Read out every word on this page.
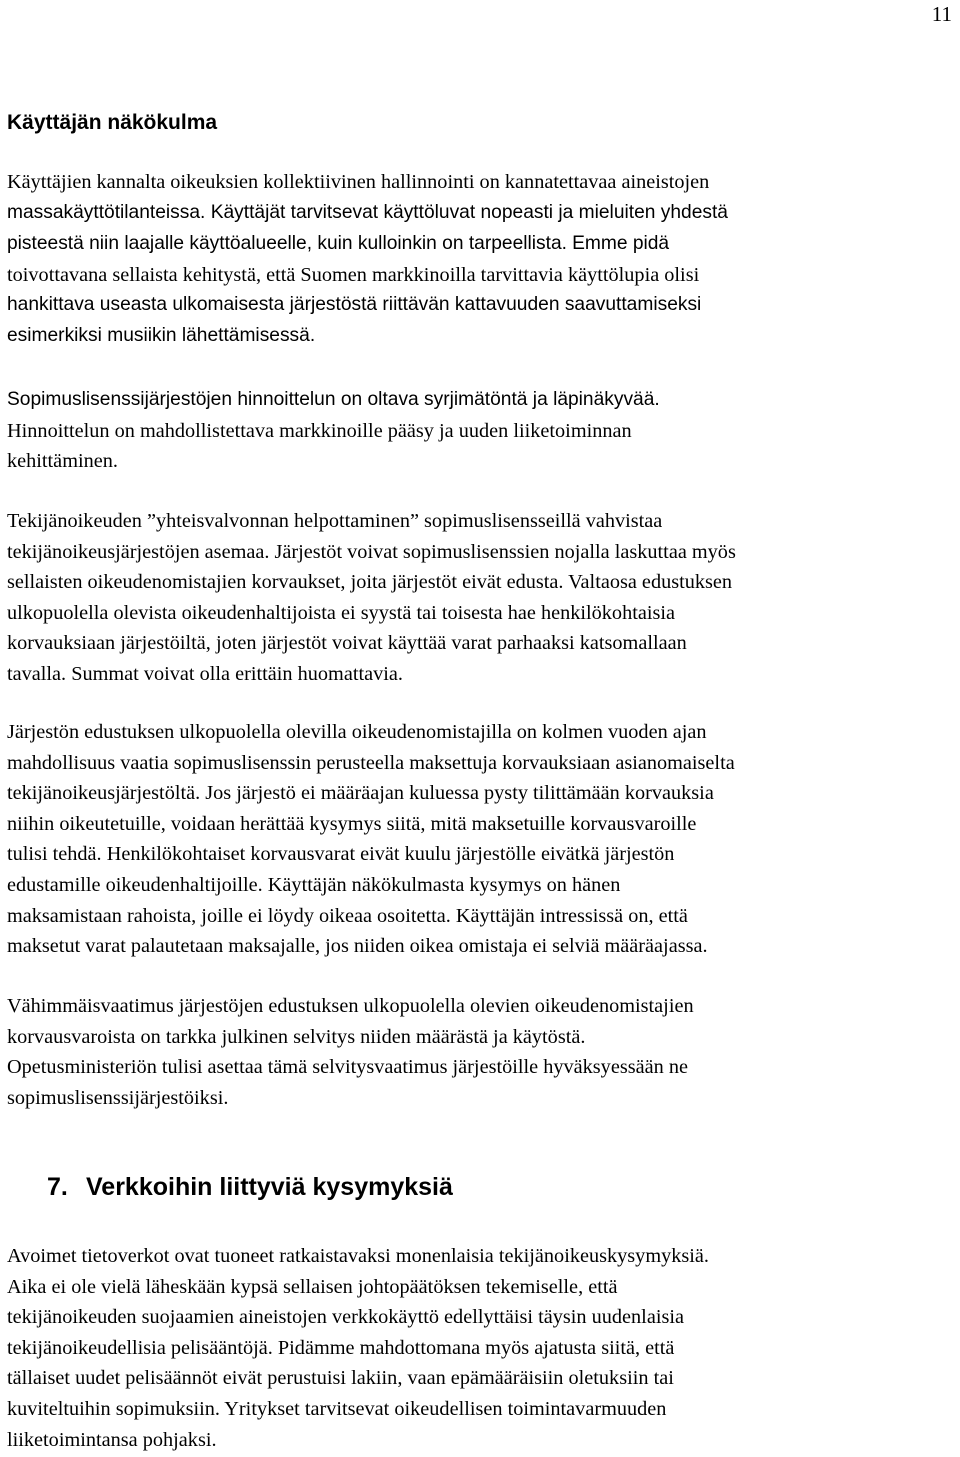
11
Käyttäjän näkökulma

Käyttäjien kannalta oikeuksien kollektiivinen hallinnointi on kannatettavaa aineistojen
massakäyttötilanteissa. Käyttäjät tarvitsevat käyttöluvat nopeasti ja mieluiten yhdestä
pisteestä niin laajalle käyttöalueelle, kuin kulloinkin on tarpeellista. Emme pidä
toivottavana sellaista kehitystä, että Suomen markkinoilla tarvittavia käyttölupia olisi
hankittava useasta ulkomaisesta järjestöstä riittävän kattavuuden saavuttamiseksi
esimerkiksi musiikin lähettämisessä.

Sopimuslisenssijärjestöjen hinnoittelun on oltava syrjimätöntä ja läpinäkyvää.
Hinnoittelun on mahdollistettava markkinoille pääsy ja uuden liiketoiminnan
kehittäminen.

Tekijänoikeuden ”yhteisvalvonnan helpottaminen” sopimuslisensseillä vahvistaa
tekijänoikeusjärjestöjen asemaa. Järjestöt voivat sopimuslisenssien nojalla laskuttaa myös
sellaisten oikeudenomistajien korvaukset, joita järjestöt eivät edusta. Valtaosa edustuksen
ulkopuolella olevista oikeudenhaltijoista ei syystä tai toisesta hae henkilökohtaisia
korvauksiaan järjestöiltä, joten järjestöt voivat käyttää varat parhaaksi katsomallaan
tavalla. Summat voivat olla erittäin huomattavia.

Järjestön edustuksen ulkopuolella olevilla oikeudenomistajilla on kolmen vuoden ajan
mahdollisuus vaatia sopimuslisenssin perusteella maksettuja korvauksiaan asianomaiselta
tekijänoikeusjärjestöltä. Jos järjestö ei määräajan kuluessa pysty tilittämään korvauksia
niihin oikeutetuille, voidaan herättää kysymys siitä, mitä maksetuille korvausvaroille
tulisi tehdä. Henkilökohtaiset korvausvarat eivät kuulu järjestölle eivätkä järjestön
edustamille oikeudenhaltijoille. Käyttäjän näkökulmasta kysymys on hänen
maksamistaan rahoista, joille ei löydy oikeaa osoitetta. Käyttäjän intressissä on, että
maksetut varat palautetaan maksajalle, jos niiden oikea omistaja ei selviä määräajassa.

Vähimmäisvaatimus järjestöjen edustuksen ulkopuolella olevien oikeudenomistajien
korvausvaroista on tarkka julkinen selvitys niiden määrästä ja käytöstä.
Opetusministeriön tulisi asettaa tämä selvitysvaatimus järjestöille hyväksyessään ne
sopimuslisenssijärjestöiksi.

7. Verkkoihin liittyviä kysymyksiä

Avoimet tietoverkot ovat tuoneet ratkaistavaksi monenlaisia tekijänoikeuskysymyksiä.
Aika ei ole vielä läheskään kypsä sellaisen johtopäätöksen tekemiselle, että
tekijänoikeuden suojaamien aineistojen verkkokäyttö edellyttäisi täysin uudenlaisia
tekijänoikeudellisia pelisääntöjä. Pidämme mahdottomana myös ajatusta siitä, että
tällaiset uudet pelisäännöt eivät perustuisi lakiin, vaan epämääräisiin oletuksiin tai
kuviteltuihin sopimuksiin. Yritykset tarvitsevat oikeudellisen toimintavarmuuden
liiketoimintansa pohjaksi.
